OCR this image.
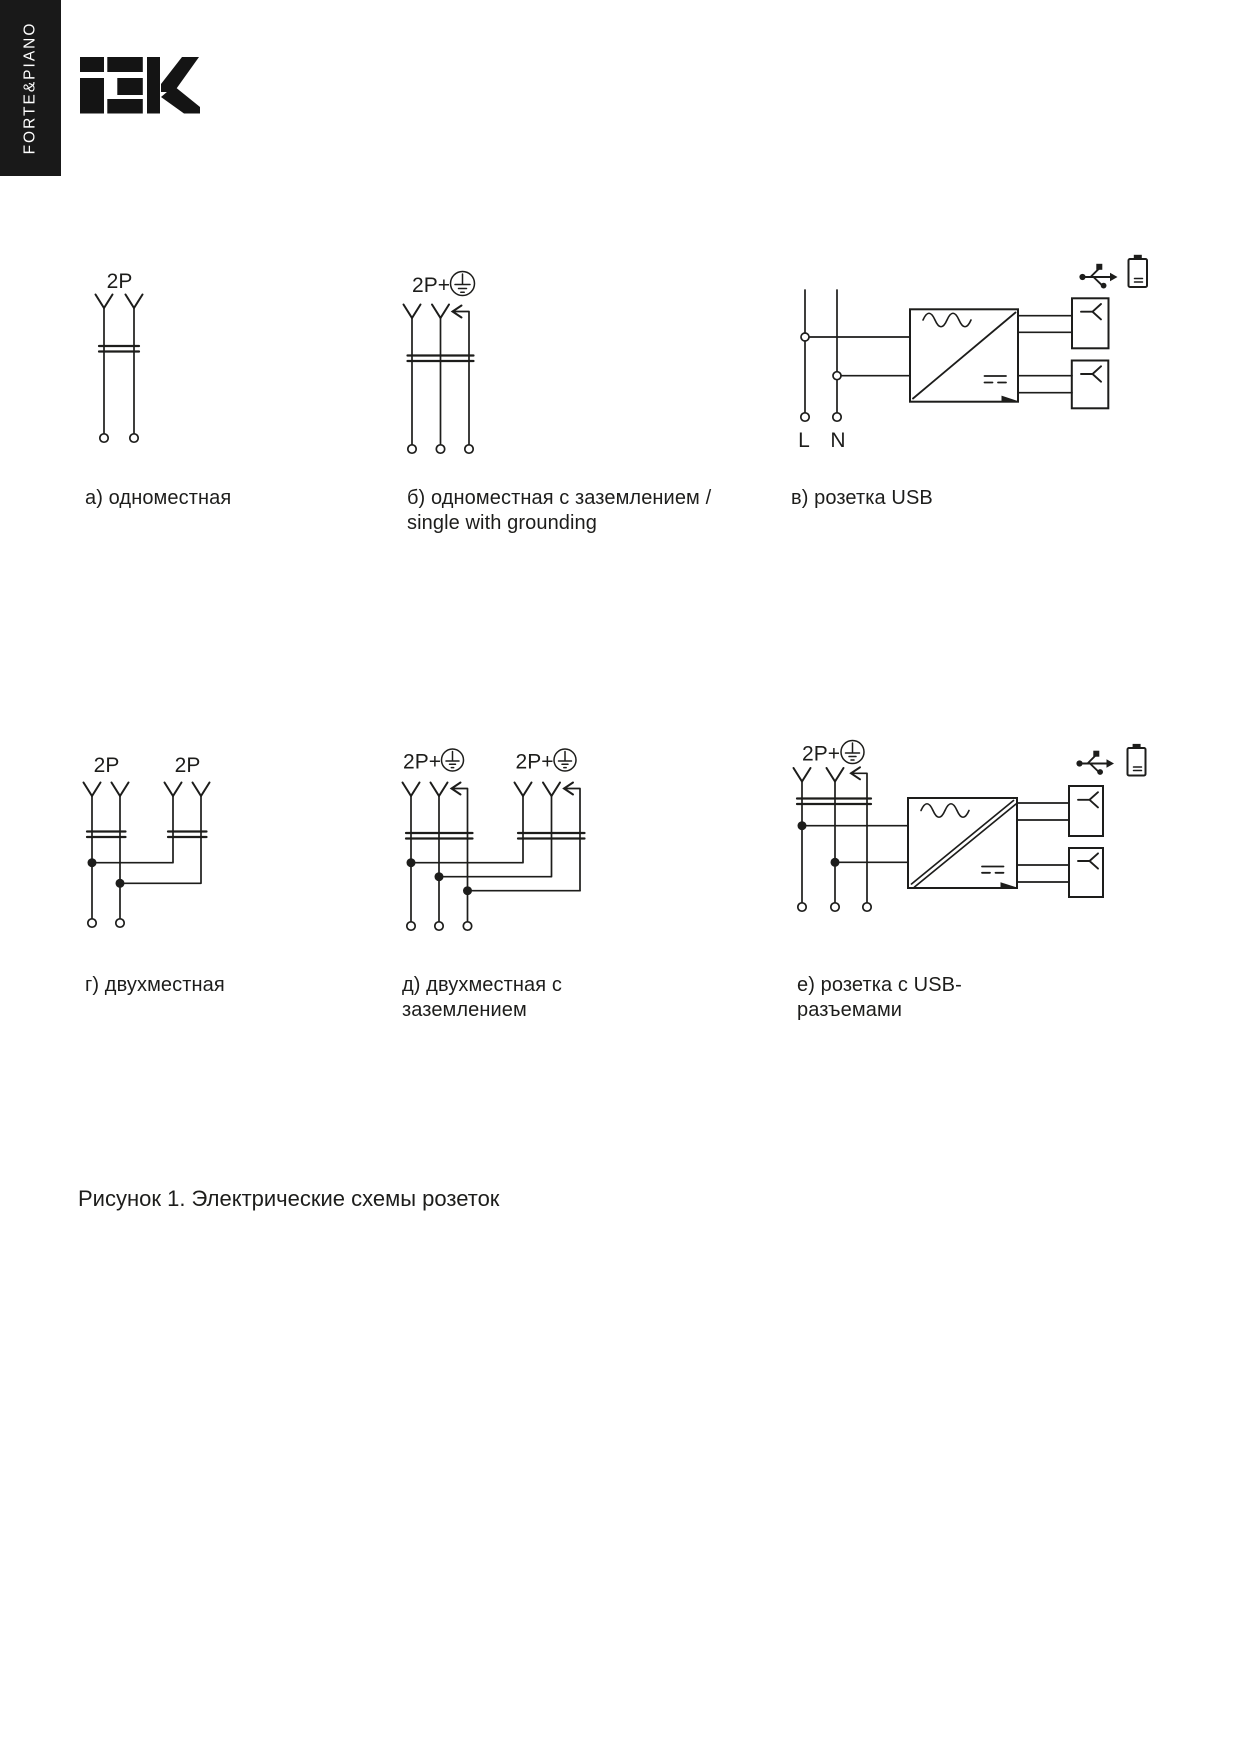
FORTE&PIANO
2P	2P+
L N
2P	2P	2P+	2P+	2P+
а) одноместная	б) одноместная с заземлением /
single with grounding
в) розетка USB
г) двухместная	д) двухместная с
заземлением
е) розетка с USB-
разъемами
Рисунок 1. Электрические схемы розеток
